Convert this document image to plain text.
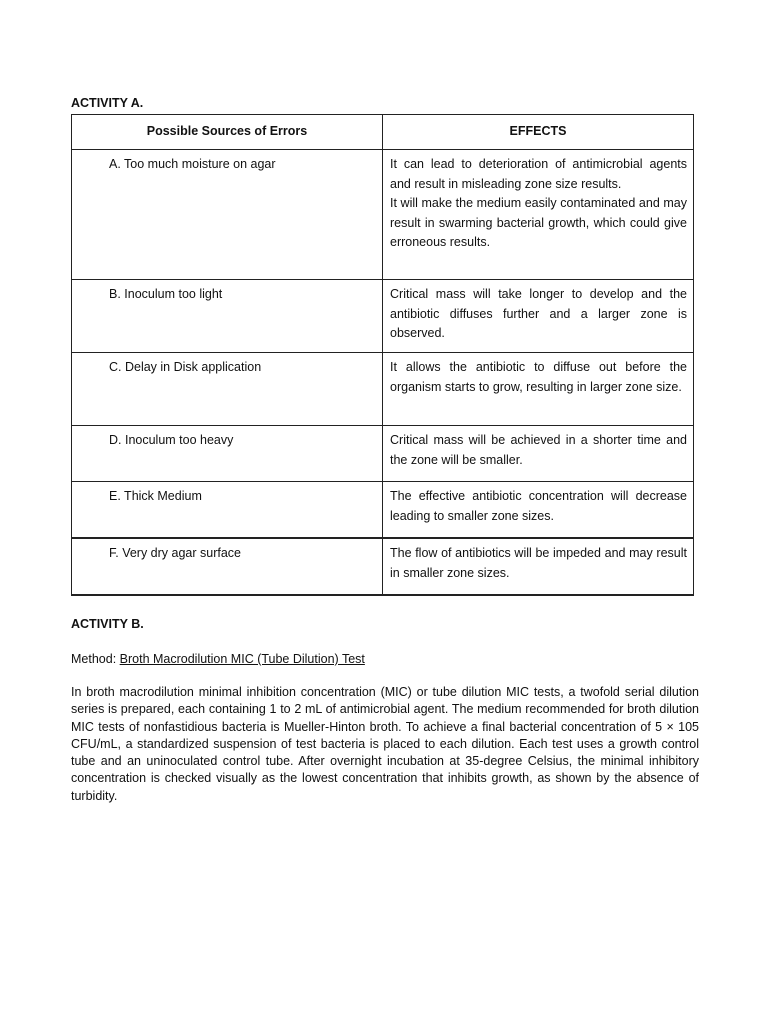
ACTIVITY A.

Possible Sources of Errors	EFFECTS
A. Too much moisture on agar	It can lead to deterioration of antimicrobial agents and result in misleading zone size results.

It will make the medium easily contaminated and may result in swarming bacterial growth, which could give erroneous results.

B. Inoculum too light	Critical mass will take longer to develop and the antibiotic diffuses further and a larger zone is observed.

C. Delay in Disk application	It allows the antibiotic to diffuse out before the organism starts to grow, resulting in larger zone size.

D. Inoculum too heavy	Critical mass will be achieved in a shorter time and the zone will be smaller.

E. Thick Medium	The effective antibiotic concentration will decrease leading to smaller zone sizes.

F. Very dry agar surface	The flow of antibiotics will be impeded and may result in smaller zone sizes.

ACTIVITY B.

Method: Broth Macrodilution MIC (Tube Dilution) Test

In broth macrodilution minimal inhibition concentration (MIC) or tube dilution MIC tests, a twofold serial dilution series is prepared, each containing 1 to 2 mL of antimicrobial agent. The medium recommended for broth dilution MIC tests of nonfastidious bacteria is Mueller-Hinton broth. To achieve a final bacterial concentration of 5 × 105 CFU/mL, a standardized suspension of test bacteria is placed to each dilution. Each test uses a growth control tube and an uninoculated control tube. After overnight incubation at 35-degree Celsius, the minimal inhibitory concentration is checked visually as the lowest concentration that inhibits growth, as shown by the absence of turbidity.
